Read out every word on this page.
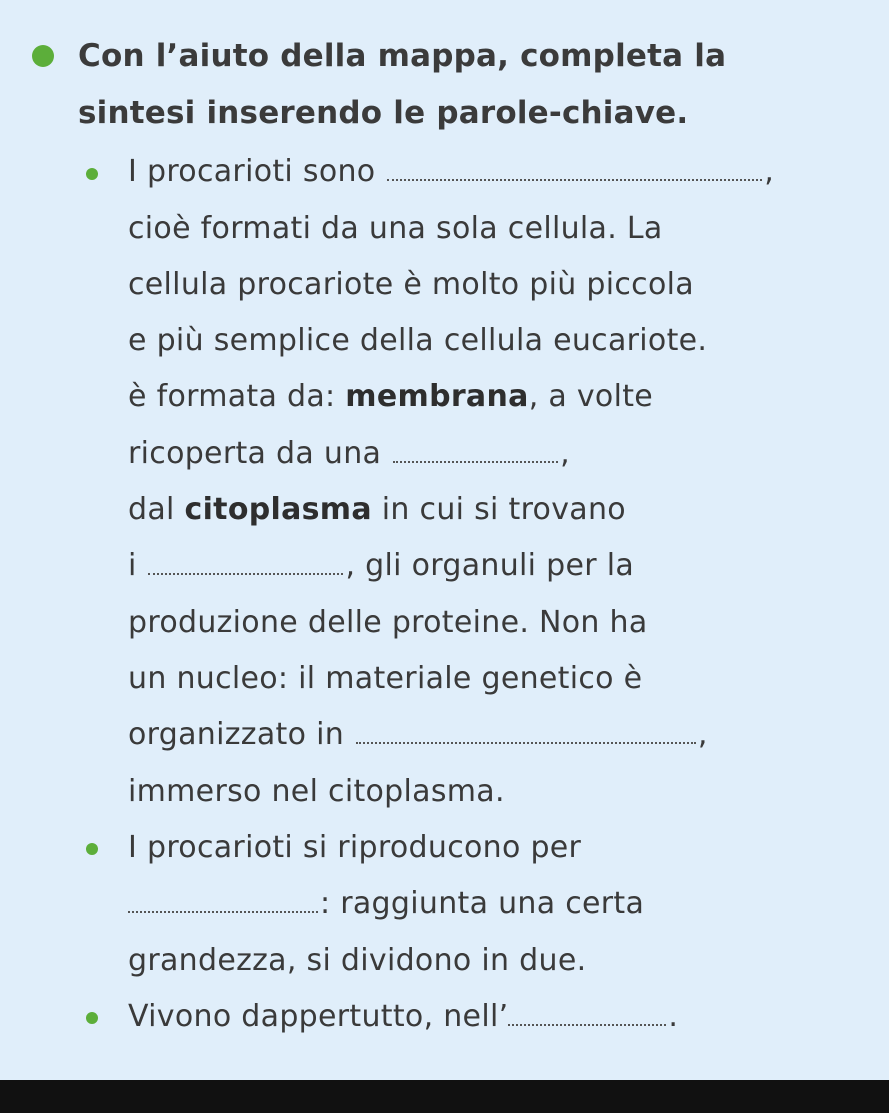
Con l’aiuto della mappa, completa la
sintesi inserendo le parole-chiave.
I procarioti sono	,
cioè formati da una sola cellula. La
cellula procariote è molto più piccola
e più semplice della cellula eucariote.
è formata da: membrana, a volte
ricoperta da una	,
dal citoplasma in cui si trovano
i	, gli organuli per la
produzione delle proteine. Non ha
un nucleo: il materiale genetico è
organizzato in	,
immerso nel citoplasma.
I procarioti si riproducono per
: raggiunta una certa
grandezza, si dividono in due.
Vivono dappertutto, nell’	.
